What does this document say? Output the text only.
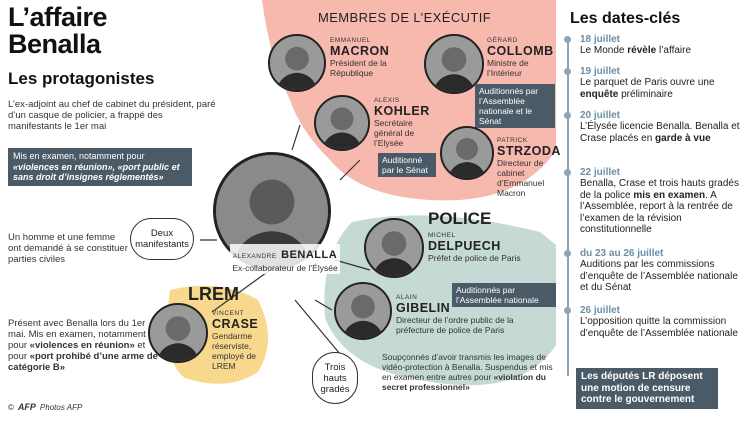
L’affaire
Benalla
Les protagonistes
L’ex-adjoint au chef de cabinet du président, paré d’un casque de policier, a frappé des manifestants le 1er mai
Mis en examen, notamment pour «violences en réunion», «port public et sans droit d’insignes réglementés»
Un homme et une femme ont demandé à se constituer parties civiles
Deux manifestants
ALEXANDRE BENALLA
Ex-collaborateur de l’Élysée
MEMBRES DE L’EXÉCUTIF
EMMANUEL
MACRON
Président de la République
GÉRARD
COLLOMB
Ministre de l’Intérieur
Auditionnés par l’Assemblée nationale et le Sénat
ALEXIS
KOHLER
Secrétaire général de l’Elysée
Auditionné par le Sénat
PATRICK
STRZODA
Directeur de cabinet d’Emmanuel Macron
POLICE
MICHEL
DELPUECH
Préfet de police de Paris
Auditionnés par l’Assemblée nationale
ALAIN
GIBELIN
Directeur de l’ordre public de la préfecture de police de Paris
Trois hauts gradés
Soupçonnés d’avoir transmis les images de vidéo-protection à Benalla. Suspendus et mis en examen entre autres pour «violation du secret professionnel»
LREM
VINCENT
CRASE
Gendarme réserviste, employé de LREM
Présent avec Benalla lors du 1er mai. Mis en examen, notamment pour «violences en réunion» et pour «port prohibé d’une arme de catégorie B»
© AFP Photos AFP
Les dates-clés
18 juillet
Le Monde révèle l’affaire
19 juillet
Le parquet de Paris ouvre une enquête préliminaire
20 juillet
L’Élysée licencie Benalla. Benalla et Crase placés en garde à vue
22 juillet
Benalla, Crase et trois hauts gradés de la police mis en examen. A l’Assemblée, report à la rentrée de l’examen de la révision constitutionnelle
du 23 au 26 juillet
Auditions par les commissions d’enquête de l’Assemblée nationale et du Sénat
26 juillet
L’opposition quitte la commission d’enquête de l’Assemblée nationale
Les députés LR déposent une motion de censure contre le gouvernement
